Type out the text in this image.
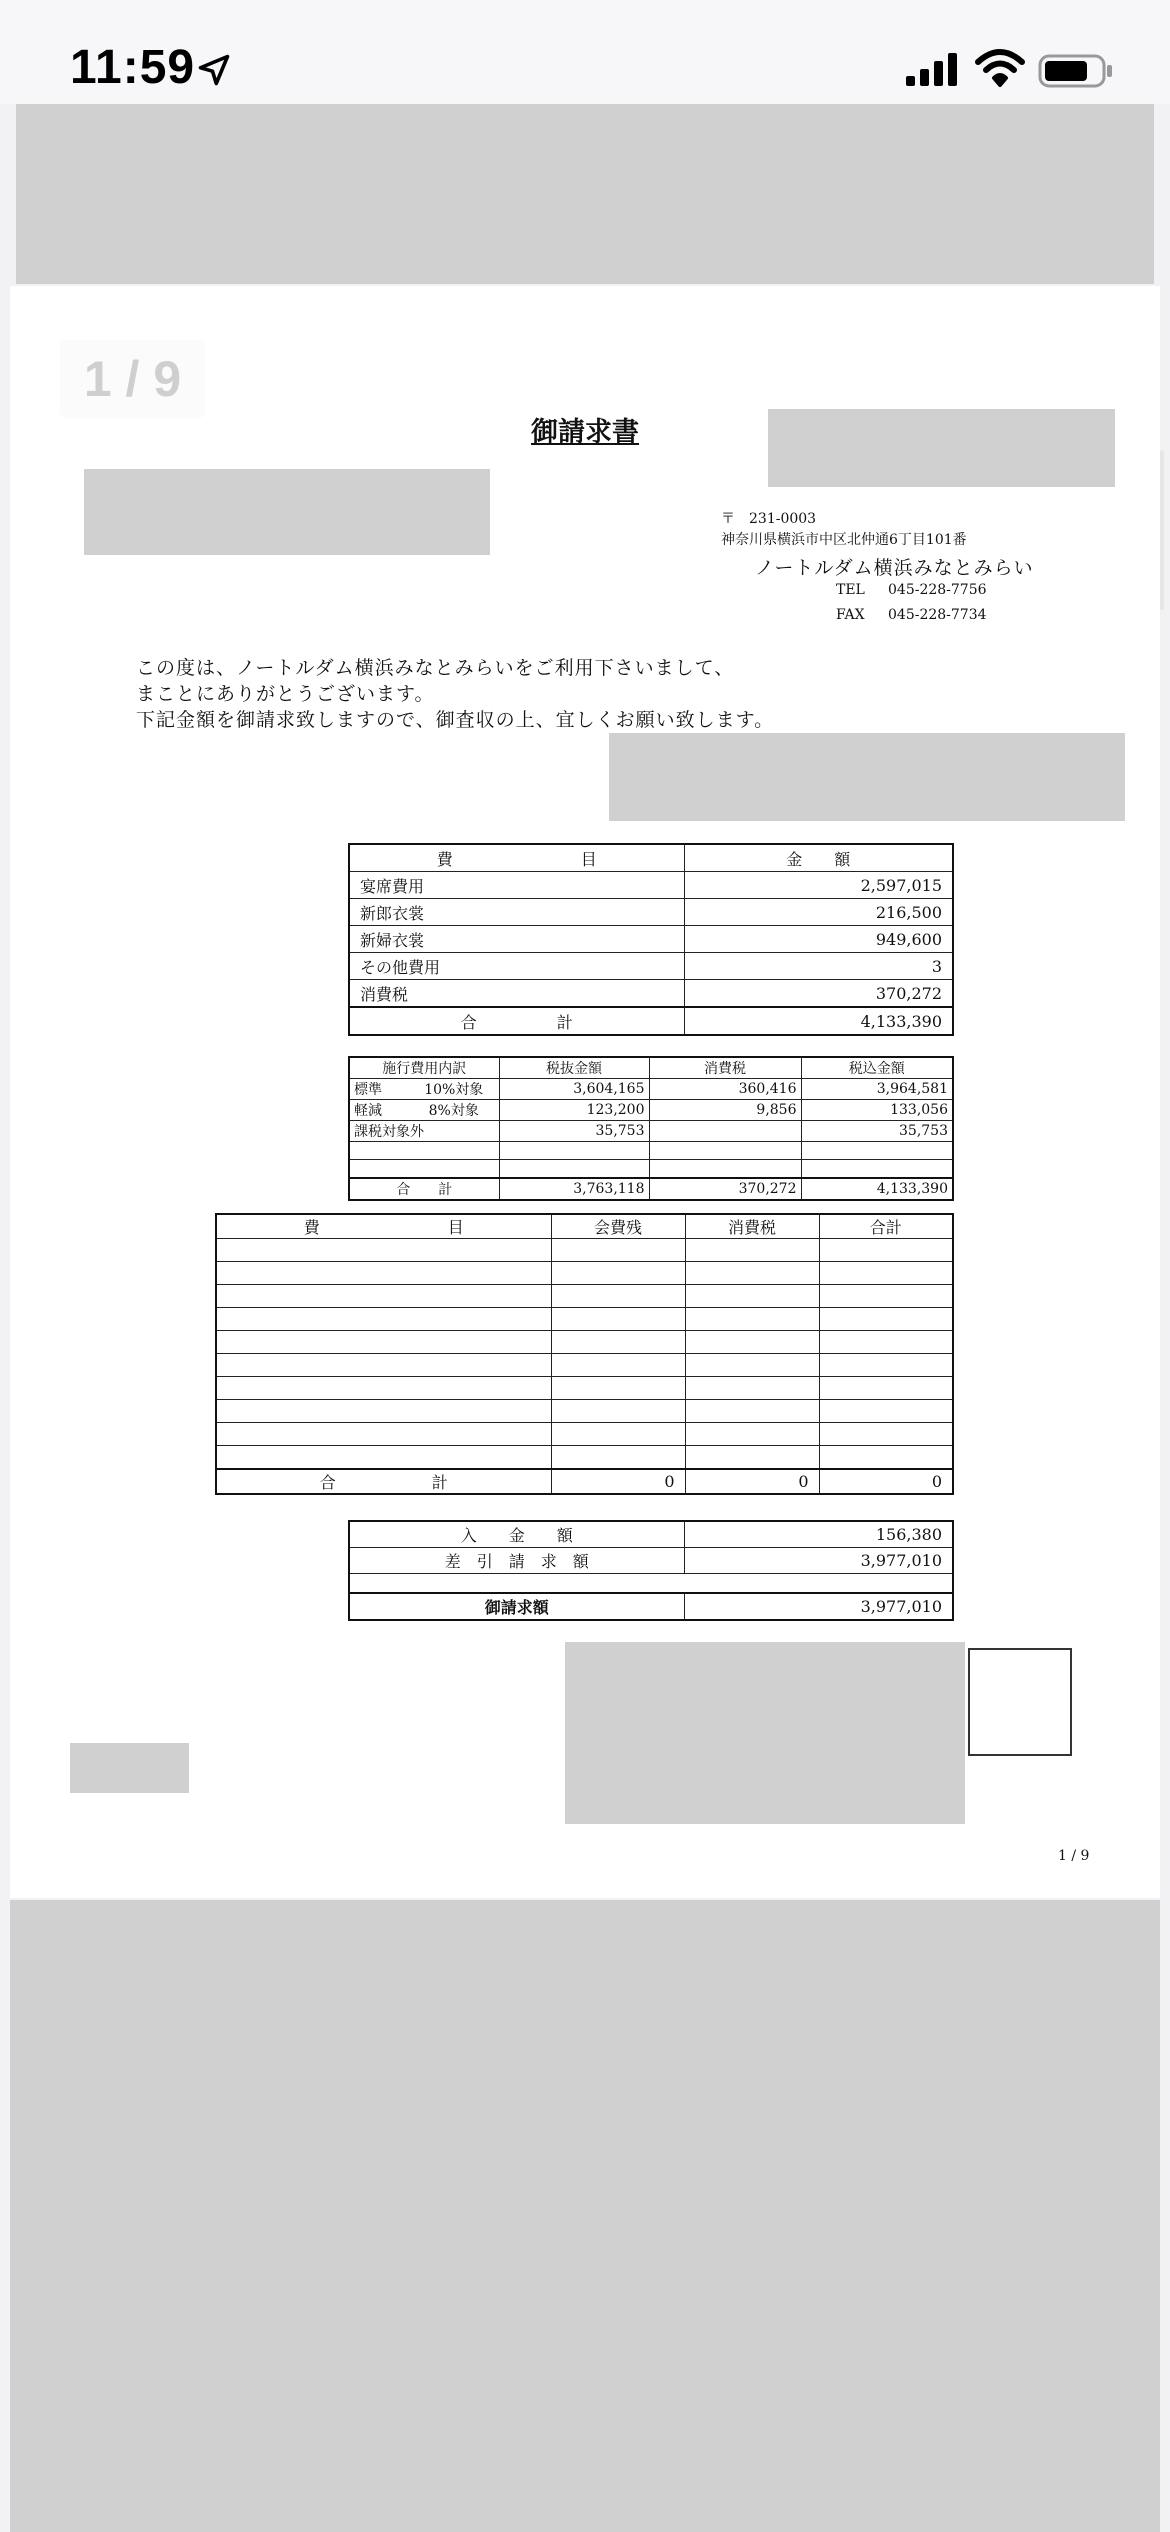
11:59
1 / 9
御請求書
〒　231-0003
神奈川県横浜市中区北仲通6丁目101番
ノートルダム横浜みなとみらい
TEL 045-228-7756
FAX 045-228-7734
この度は、ノートルダム横浜みなとみらいをご利用下さいまして、
まことにありがとうございます。
下記金額を御請求致しますので、御査収の上、宜しくお願い致します。
費　　　　　　　　目	金　　額
宴席費用	2,597,015
新郎衣裳	216,500
新婦衣裳	949,600
その他費用	3
消費税	370,272
合　　　　　計	4,133,390
施行費用内訳		税抜金額	消費税	税込金額
標準	10%対象	3,604,165	360,416	3,964,581
軽減	8%対象	123,200	9,856	133,056
課税対象外		35,753		35,753

合　　計		3,763,118	370,272	4,133,390
費　　　　　　　　目	会費残	消費税	合計

合　　　　　　計	0	0	0
入　　金　　額	156,380
差　引　請　求　額	3,977,010

御請求額	3,977,010
1 / 9
